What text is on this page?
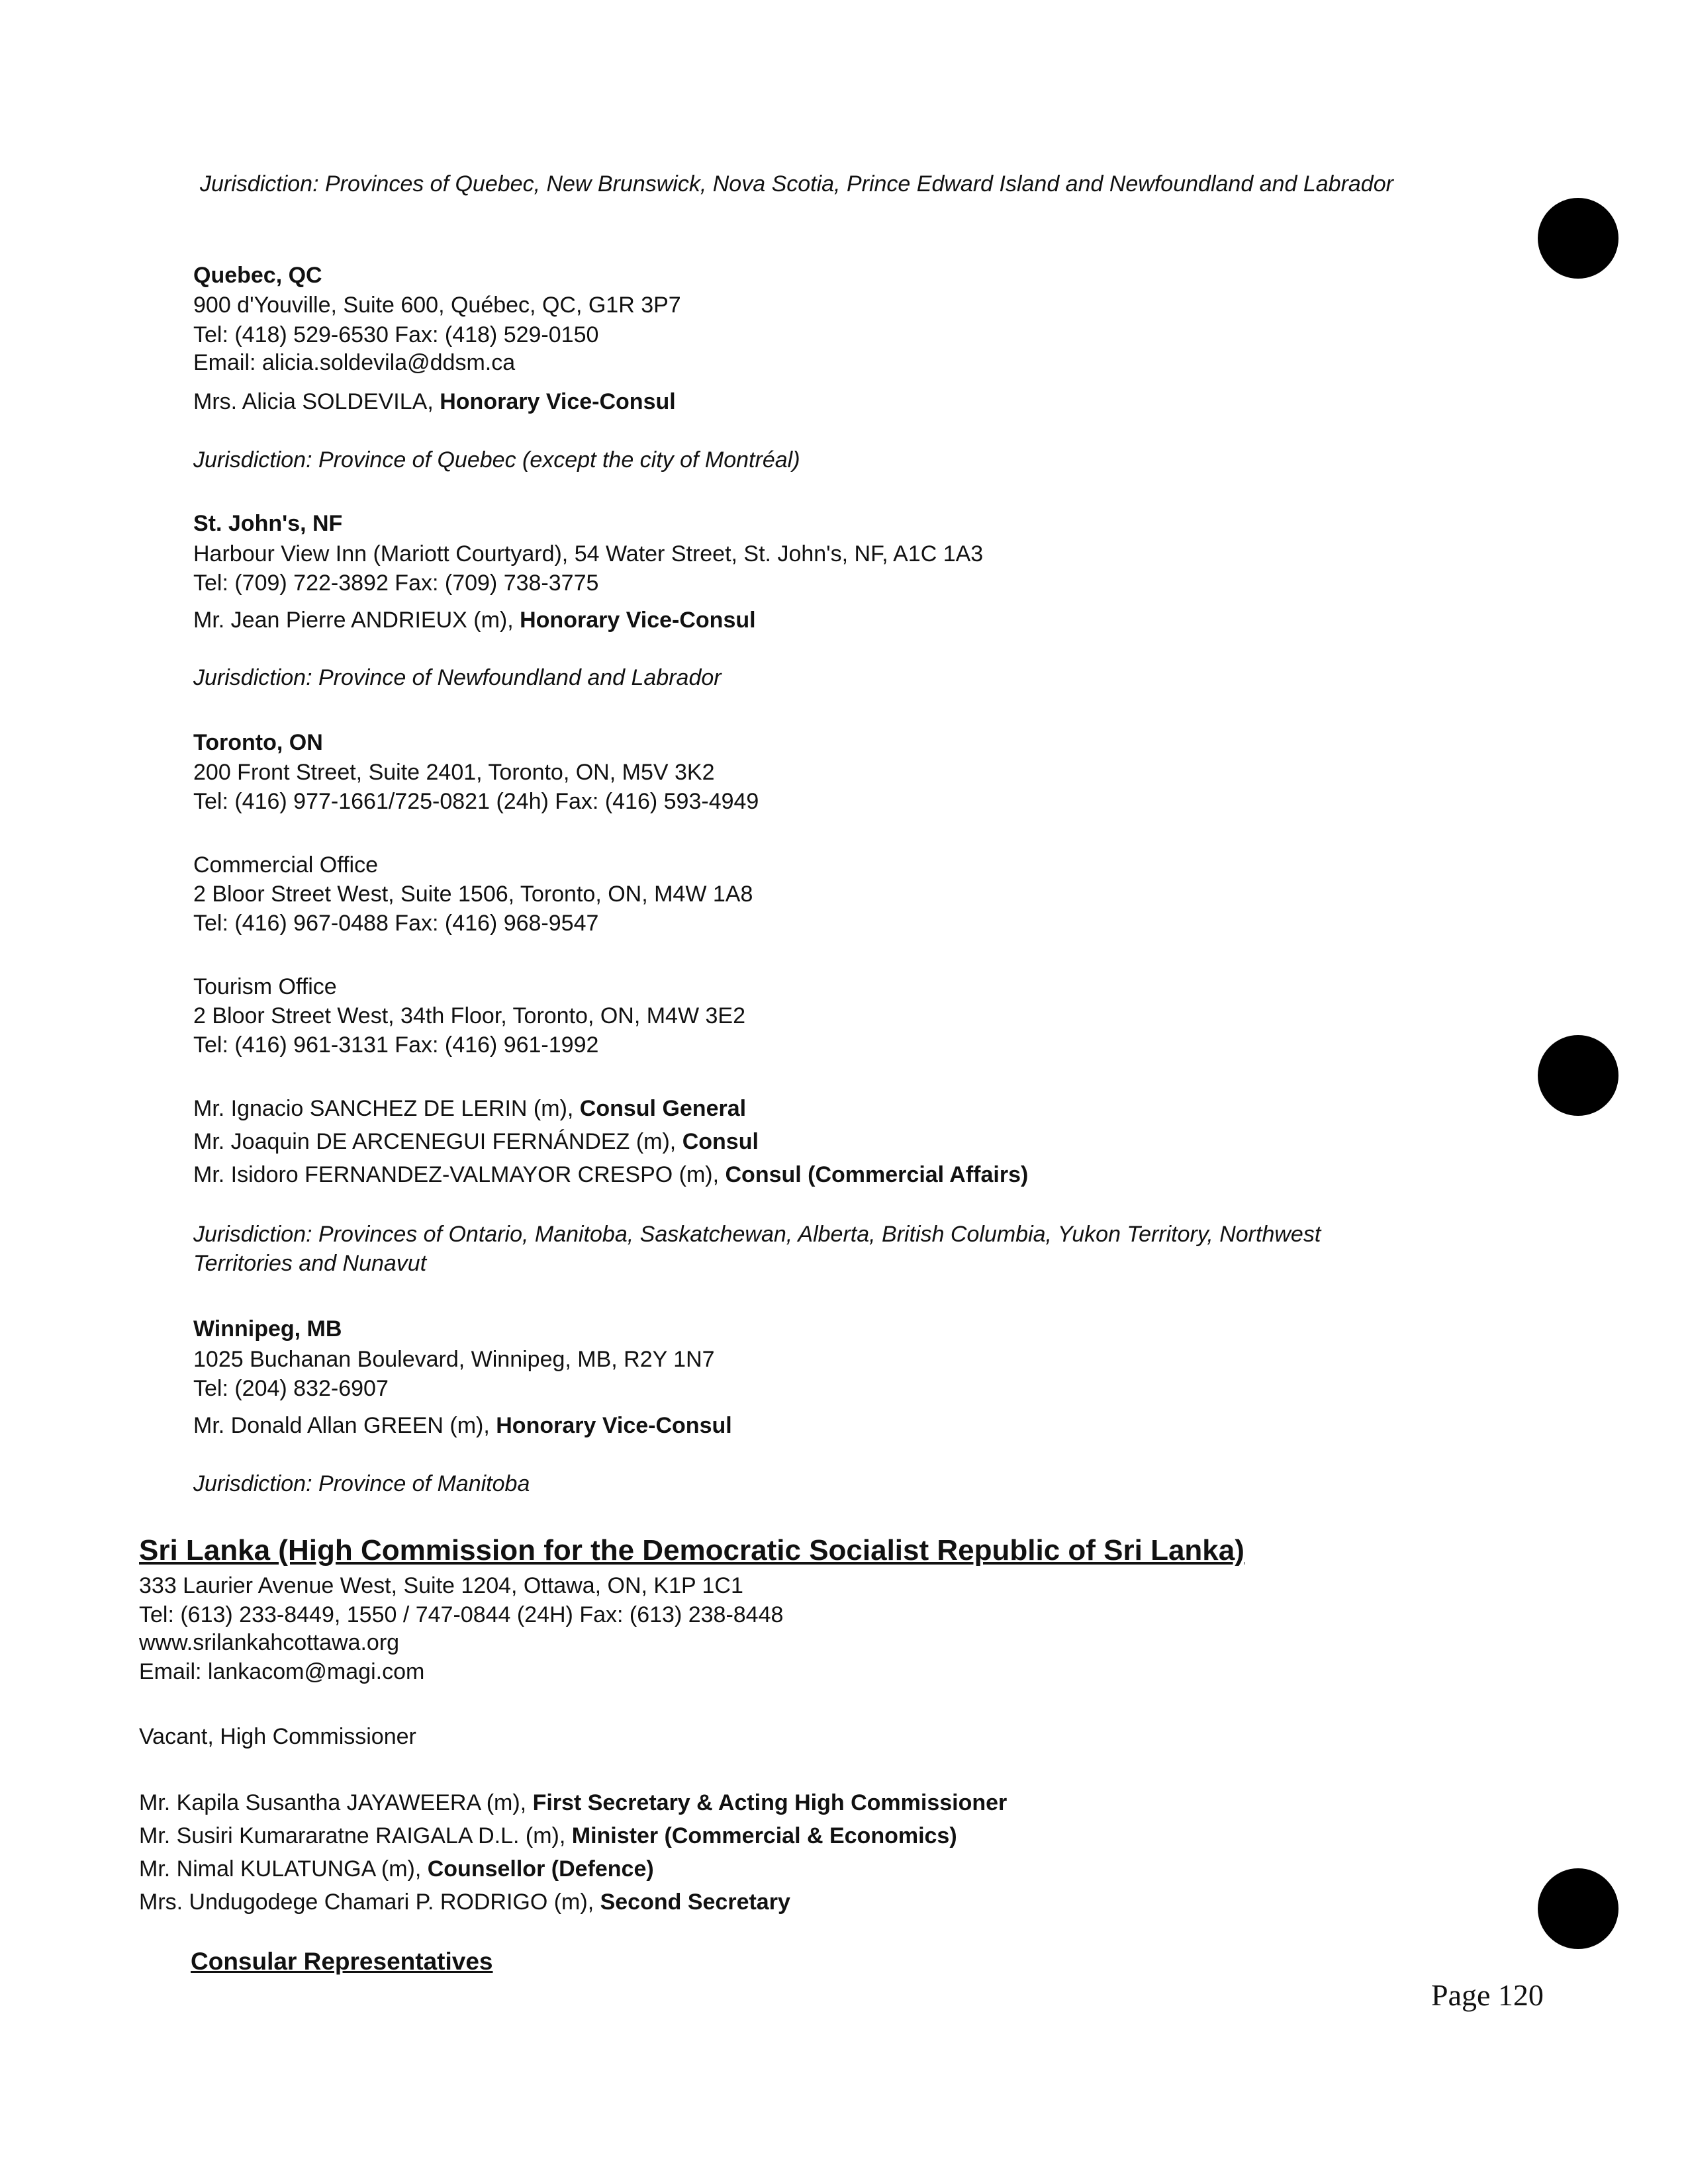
Jurisdiction: Provinces of Quebec, New Brunswick, Nova Scotia, Prince Edward Island and Newfoundland and Labrador
Quebec, QC
900 d'Youville, Suite 600, Québec, QC, G1R 3P7
Tel: (418) 529-6530 Fax: (418) 529-0150
Email: alicia.soldevila@ddsm.ca
Mrs. Alicia SOLDEVILA, Honorary Vice-Consul
Jurisdiction: Province of Quebec (except the city of Montréal)
St. John's, NF
Harbour View Inn (Mariott Courtyard), 54 Water Street, St. John's, NF, A1C 1A3
Tel: (709) 722-3892 Fax: (709) 738-3775
Mr. Jean Pierre ANDRIEUX (m), Honorary Vice-Consul
Jurisdiction: Province of Newfoundland and Labrador
Toronto, ON
200 Front Street, Suite 2401, Toronto, ON, M5V 3K2
Tel: (416) 977-1661/725-0821 (24h) Fax: (416) 593-4949
Commercial Office
2 Bloor Street West, Suite 1506, Toronto, ON, M4W 1A8
Tel: (416) 967-0488 Fax: (416) 968-9547
Tourism Office
2 Bloor Street West, 34th Floor, Toronto, ON, M4W 3E2
Tel: (416) 961-3131 Fax: (416) 961-1992
Mr. Ignacio SANCHEZ DE LERIN (m), Consul General
Mr. Joaquin DE ARCENEGUI FERNÁNDEZ (m), Consul
Mr. Isidoro FERNANDEZ-VALMAYOR CRESPO (m), Consul (Commercial Affairs)
Jurisdiction: Provinces of Ontario, Manitoba, Saskatchewan, Alberta, British Columbia, Yukon Territory, Northwest
Territories and Nunavut
Winnipeg, MB
1025 Buchanan Boulevard, Winnipeg, MB, R2Y 1N7
Tel: (204) 832-6907
Mr. Donald Allan GREEN (m), Honorary Vice-Consul
Jurisdiction: Province of Manitoba
Sri Lanka (High Commission for the Democratic Socialist Republic of Sri Lanka)
333 Laurier Avenue West, Suite 1204, Ottawa, ON, K1P 1C1
Tel: (613) 233-8449, 1550 / 747-0844 (24H) Fax: (613) 238-8448
www.srilankahcottawa.org
Email: lankacom@magi.com
Vacant, High Commissioner
Mr. Kapila Susantha JAYAWEERA (m), First Secretary & Acting High Commissioner
Mr. Susiri Kumararatne RAIGALA D.L. (m), Minister (Commercial & Economics)
Mr. Nimal KULATUNGA (m), Counsellor (Defence)
Mrs. Undugodege Chamari P. RODRIGO (m), Second Secretary
Consular Representatives
Page 120
